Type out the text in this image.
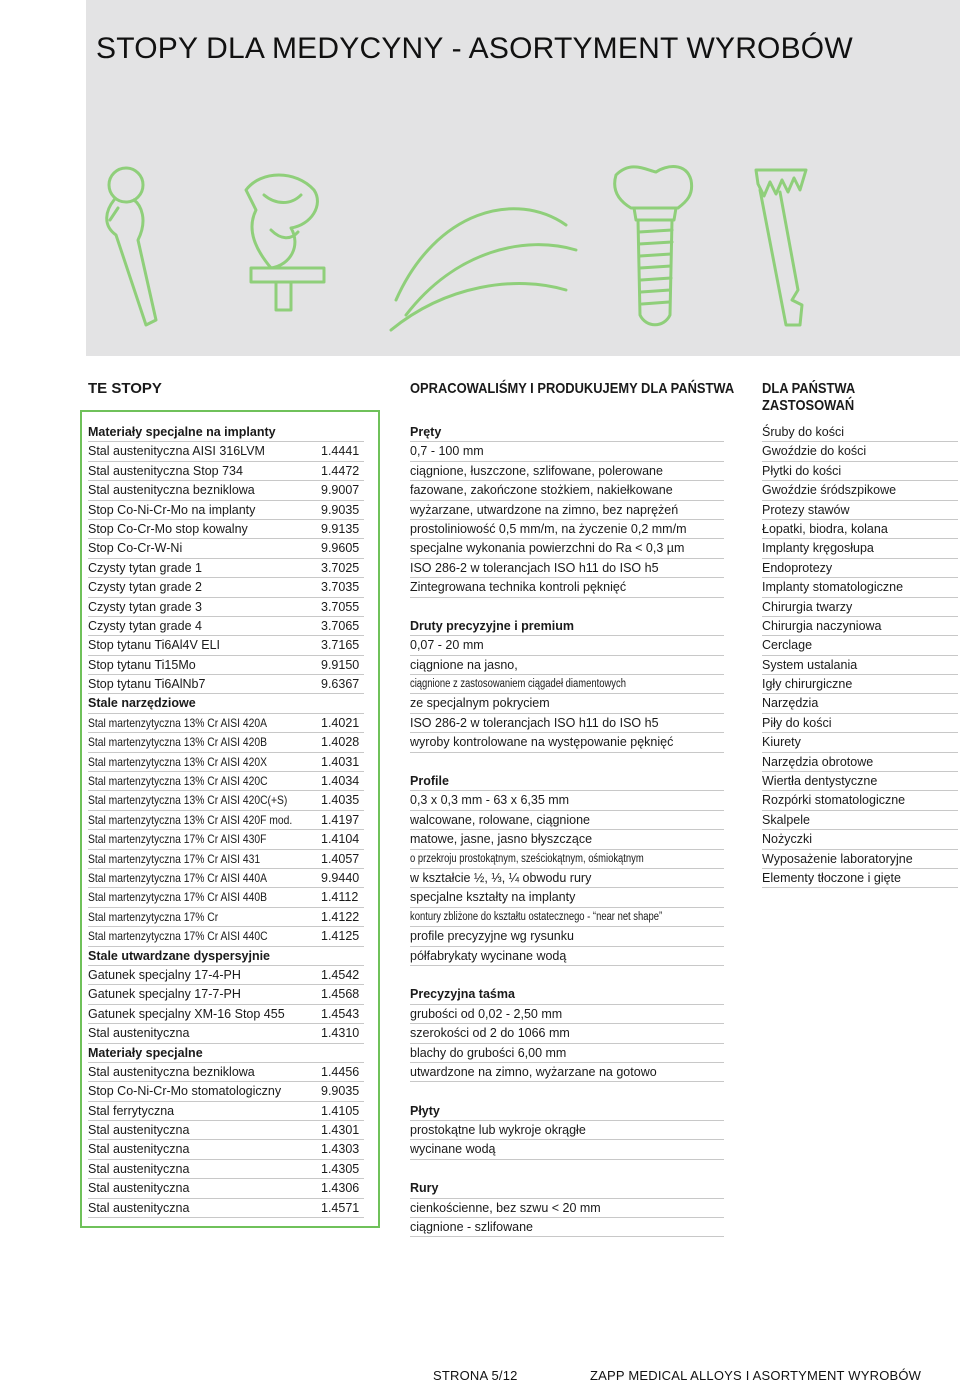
STOPY DLA MEDYCYNY - ASORTYMENT WYROBÓW
TE STOPY	OPRACOWALIŚMY I PRODUKUJEMY DLA PAŃSTWA DLA PAŃSTWA ZASTOSOWAŃ
Materiały specjalne na implanty
Stal austenityczna AISI 316LVM	1.4441
Stal austenityczna Stop 734	1.4472
Stal austenityczna bezniklowa	9.9007
Stop Co-Ni-Cr-Mo na implanty	9.9035
Stop Co-Cr-Mo stop kowalny	9.9135
Stop Co-Cr-W-Ni	9.9605
Czysty tytan grade 1	3.7025
Czysty tytan grade 2	3.7035
Czysty tytan grade 3	3.7055
Czysty tytan grade 4	3.7065
Stop tytanu Ti6Al4V ELI	3.7165
Stop tytanu Ti15Mo	9.9150
Stop tytanu Ti6AlNb7	9.6367
Stale narzędziowe
Stal martenzytyczna 13% Cr AISI 420A	1.4021
Stal martenzytyczna 13% Cr AISI 420B	1.4028
Stal martenzytyczna 13% Cr AISI 420X	1.4031
Stal martenzytyczna 13% Cr AISI 420C	1.4034
Stal martenzytyczna 13% Cr AISI 420C(+S)	1.4035
Stal martenzytyczna 13% Cr AISI 420F mod. 1.4197
Stal martenzytyczna 17% Cr AISI 430F	1.4104
Stal martenzytyczna 17% Cr AISI 431	1.4057
Stal martenzytyczna 17% Cr AISI 440A	9.9440
Stal martenzytyczna 17% Cr AISI 440B	1.4112
Stal martenzytyczna 17% Cr	1.4122
Stal martenzytyczna 17% Cr AISI 440C	1.4125
Stale utwardzane dyspersyjnie
Gatunek specjalny 17-4-PH	1.4542
Gatunek specjalny 17-7-PH	1.4568
Gatunek specjalny XM-16 Stop 455	1.4543
Stal austenityczna	1.4310
Materiały specjalne
Stal austenityczna bezniklowa	1.4456
Stop Co-Ni-Cr-Mo stomatologiczny	9.9035
Stal ferrytyczna	1.4105
Stal austenityczna	1.4301
Stal austenityczna	1.4303
Stal austenityczna	1.4305
Stal austenityczna	1.4306
Stal austenityczna	1.4571
Pręty
0,7 - 100 mm
ciągnione, łuszczone, szlifowane, polerowane
fazowane, zakończone stożkiem, nakiełkowane
wyżarzane, utwardzone na zimno, bez naprężeń
prostoliniowość 0,5 mm/m, na życzenie 0,2 mm/m
specjalne wykonania powierzchni do Ra < 0,3 µm
ISO 286-2 w tolerancjach ISO h11 do ISO h5
Zintegrowana technika kontroli pęknięć
Druty precyzyjne i premium
0,07 - 20 mm
ciągnione na jasno,
ciągnione z zastosowaniem ciągadeł diamentowych
ze specjalnym pokryciem
ISO 286-2 w tolerancjach ISO h11 do ISO h5
wyroby kontrolowane na występowanie pęknięć
Profile
0,3 x 0,3 mm - 63 x 6,35 mm
walcowane, rolowane, ciągnione
matowe, jasne, jasno błyszczące
o przekroju prostokątnym, sześciokątnym, ośmiokątnym
w kształcie ½, ⅓, ¼ obwodu rury
specjalne kształty na implanty
kontury zbliżone do kształtu ostatecznego - “near net shape”
profile precyzyjne wg rysunku
półfabrykaty wycinane wodą
Precyzyjna taśma
grubości od 0,02 - 2,50 mm
szerokości od 2 do 1066 mm
blachy do grubości 6,00 mm
utwardzone na zimno, wyżarzane na gotowo
Płyty
prostokątne lub wykroje okrągłe
wycinane wodą
Rury
cienkościenne, bez szwu < 20 mm
ciągnione - szlifowane
Śruby do kości
Gwoździe do kości
Płytki do kości
Gwoździe śródszpikowe
Protezy stawów
Łopatki, biodra, kolana
Implanty kręgosłupa
Endoprotezy
Implanty stomatologiczne
Chirurgia twarzy
Chirurgia naczyniowa
Cerclage
System ustalania
Igły chirurgiczne
Narzędzia
Piły do kości
Kiurety
Narzędzia obrotowe
Wiertła dentystyczne
Rozpórki stomatologiczne
Skalpele
Nożyczki
Wyposażenie laboratoryjne
Elementy tłoczone i gięte
STRONA 5/12	ZAPP MEDICAL ALLOYS I ASORTYMENT WYROBÓW
